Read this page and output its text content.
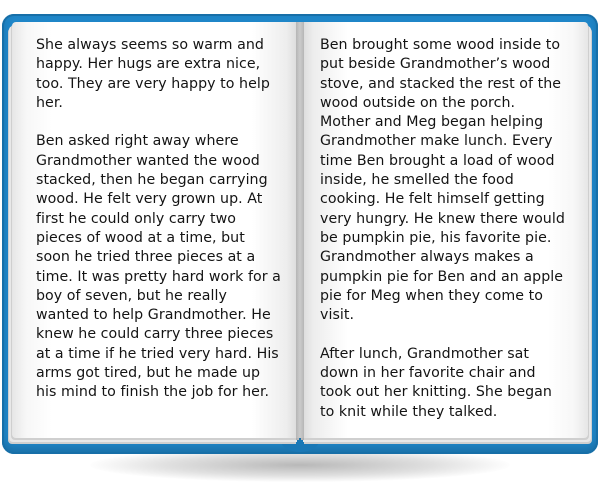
She always seems so warm and happy. Her hugs are extra nice, too. They are very happy to help her.

Ben asked right away where Grandmother wanted the wood stacked, then he began carrying wood. He felt very grown up. At first he could only carry two pieces of wood at a time, but soon he tried three pieces at a time. It was pretty hard work for a boy of seven, but he really wanted to help Grandmother. He knew he could carry three pieces at a time if he tried very hard. His arms got tired, but he made up his mind to finish the job for her.

Ben brought some wood inside to put beside Grandmother’s wood stove, and stacked the rest of the wood outside on the porch. Mother and Meg began helping Grandmother make lunch. Every time Ben brought a load of wood inside, he smelled the food cooking. He felt himself getting very hungry. He knew there would be pumpkin pie, his favorite pie. Grandmother always makes a pumpkin pie for Ben and an apple pie for Meg when they come to visit.

After lunch, Grandmother sat down in her favorite chair and took out her knitting. She began to knit while they talked.
